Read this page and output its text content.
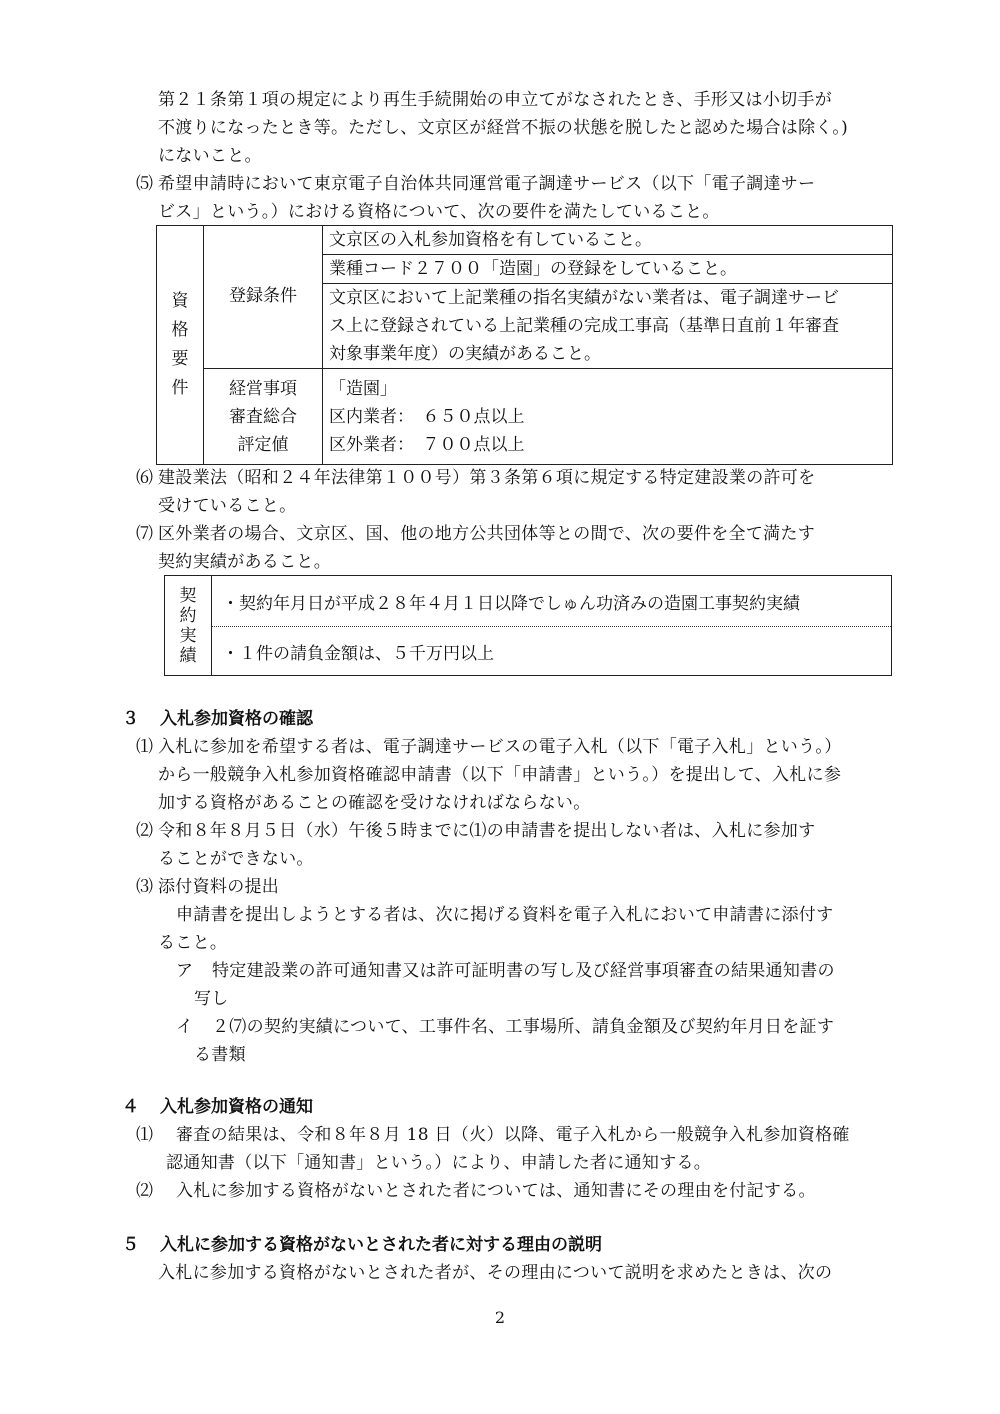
第２１条第１項の規定により再生手続開始の申立てがなされたとき、手形又は小切手が
不渡りになったとき等。ただし、文京区が経営不振の状態を脱したと認めた場合は除く。)
にないこと。
⑸ 希望申請時において東京電子自治体共同運営電子調達サービス（以下「電子調達サー
ビス」という。）における資格について、次の要件を満たしていること。
資
格
要
件	登録条件	文京区の入札参加資格を有していること。

		業種コード２７００「造園」の登録をしていること。

		文京区において上記業種の指名実績がない業者は、電子調達サービ
ス上に登録されている上記業種の完成工事高（基準日直前１年審査
対象事業年度）の実績があること。

	経営事項
審査総合
評定値	「造園」
区内業者：　６５０点以上
区外業者：　７００点以上
⑹ 建設業法（昭和２４年法律第１００号）第３条第６項に規定する特定建設業の許可を
受けていること。
⑺ 区外業者の場合、文京区、国、他の地方公共団体等との間で、次の要件を全て満たす
契約実績があること。
契
約
実
績
	・契約年月日が平成２８年４月１日以降でしゅん功済みの造園工事契約実績
・１件の請負金額は、５千万円以上
３ 入札参加資格の確認
⑴ 入札に参加を希望する者は、電子調達サービスの電子入札（以下「電子入札」という。）
から一般競争入札参加資格確認申請書（以下「申請書」という。）を提出して、入札に参
加する資格があることの確認を受けなければならない。
⑵ 令和８年８月５日（水）午後５時までに⑴の申請書を提出しない者は、入札に参加す
ることができない。
⑶ 添付資料の提出
申請書を提出しようとする者は、次に掲げる資料を電子入札において申請書に添付す
ること。
ア 特定建設業の許可通知書又は許可証明書の写し及び経営事項審査の結果通知書の
写し
イ ２⑺の契約実績について、工事件名、工事場所、請負金額及び契約年月日を証す
る書類
４ 入札参加資格の通知
⑴ 審査の結果は、令和８年８月 18 日（火）以降、電子入札から一般競争入札参加資格確
認通知書（以下「通知書」という。）により、申請した者に通知する。
⑵ 入札に参加する資格がないとされた者については、通知書にその理由を付記する。
５ 入札に参加する資格がないとされた者に対する理由の説明
入札に参加する資格がないとされた者が、その理由について説明を求めたときは、次の
2
